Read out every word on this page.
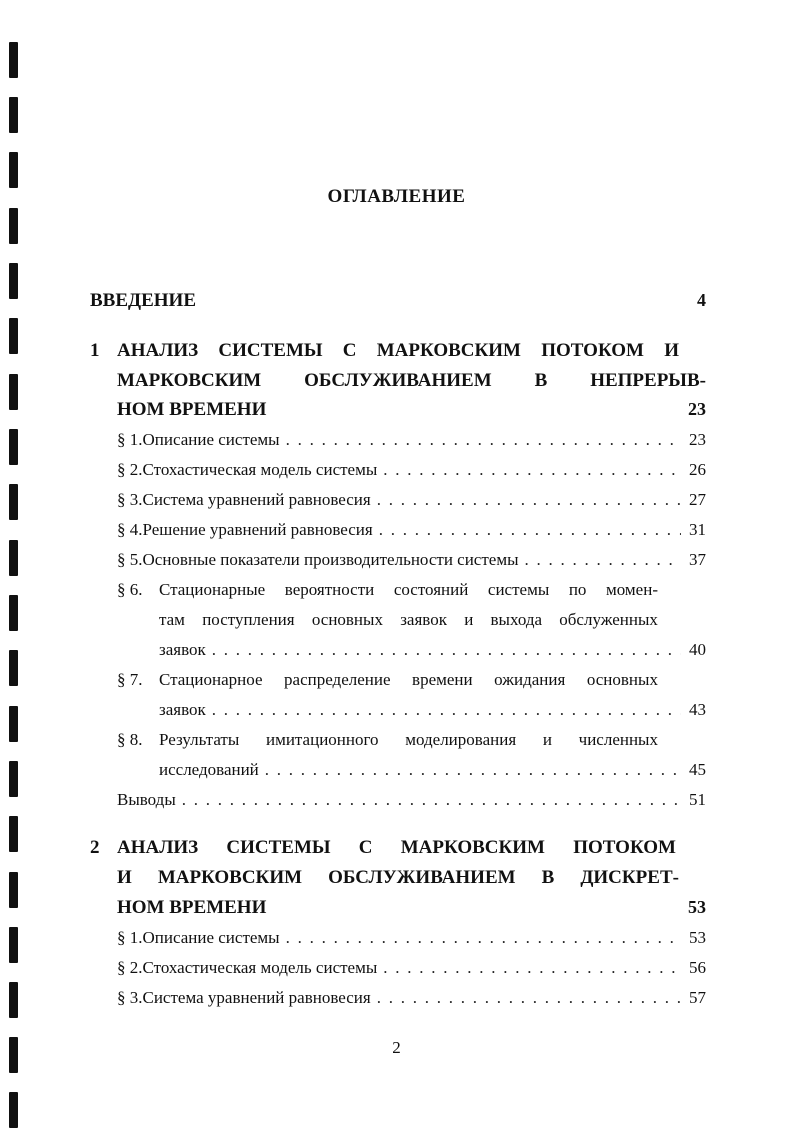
ОГЛАВЛЕНИЕ
ВВЕДЕНИЕ	4
1 АНАЛИЗ СИСТЕМЫ С МАРКОВСКИМ ПОТОКОМ И
МАРКОВСКИМ ОБСЛУЖИВАНИЕМ В НЕПРЕРЫВ-
НОМ ВРЕМЕНИ	23
§ 1. Описание системы . . .	23
§ 2. Стохастическая модель системы . . .	26
§ 3. Система уравнений равновесия . . .	27
§ 4. Решение уравнений равновесия . . .	31
§ 5. Основные показатели производительности системы . . .	37
§ 6. Стационарные вероятности состояний системы по момен-
там поступления основных заявок и выхода обслуженных
заявок . . .	40
§ 7. Стационарное распределение времени ожидания основных
заявок . . .	43
§ 8. Результаты имитационного моделирования и численных
исследований . . .	45
Выводы . . .	51
2 АНАЛИЗ СИСТЕМЫ С МАРКОВСКИМ ПОТОКОМ
И МАРКОВСКИМ ОБСЛУЖИВАНИЕМ В ДИСКРЕТ-
НОМ ВРЕМЕНИ	53
§ 1. Описание системы . . .	53
§ 2. Стохастическая модель системы . . .	56
§ 3. Система уравнений равновесия . . .	57
2
